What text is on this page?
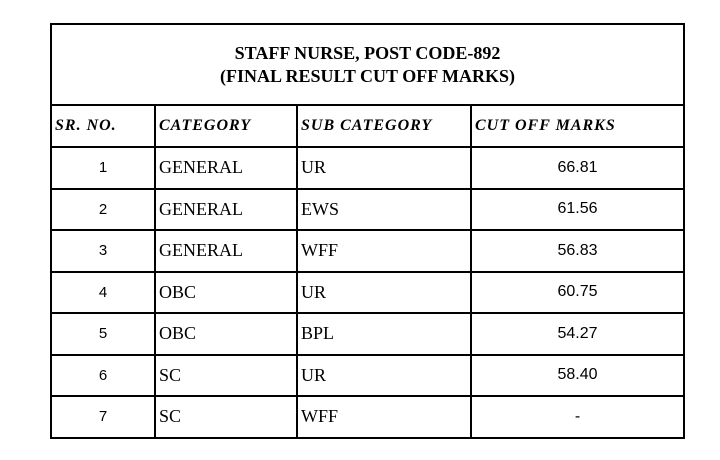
STAFF NURSE, POST CODE-892
(FINAL RESULT CUT OFF MARKS)			

SR. NO.	CATEGORY	SUB CATEGORY	CUT OFF MARKS
1	GENERAL	UR	66.81
2	GENERAL	EWS	61.56
3	GENERAL	WFF	56.83
4	OBC	UR	60.75
5	OBC	BPL	54.27
6	SC	UR	58.40
7	SC	WFF	-
